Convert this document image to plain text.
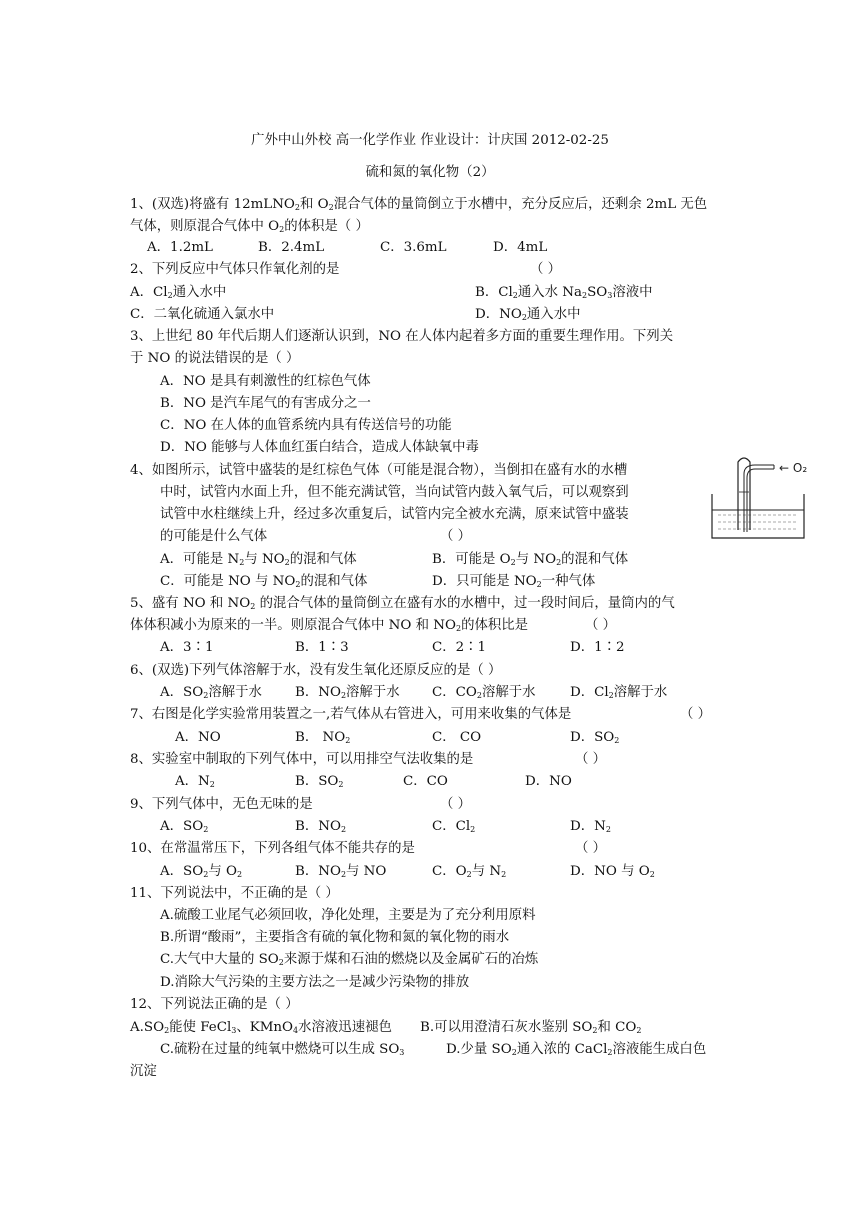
广外中山外校 高一化学作业 作业设计：计庆国 2012-02-25
硫和氮的氧化物（2）
1、(双选)将盛有 12mLNO$_2$和 $O_2$混合气体的量筒倒立于水槽中，充分反应后，还剩余 2mL 无色
气体，则原混合气体中 $O_2$的体积是（ ）
A．1.2mL	B．2.4mL	C．3.6mL	D．4mL
2、下列反应中气体只作氧化剂的是	（ ）
A．$Cl_2$通入水中	B．$Cl_2$通入水 $Na_2SO_3$溶液中
C．二氧化硫通入氯水中	D．$NO_2$通入水中
3、上世纪 80 年代后期人们逐渐认识到，NO 在人体内起着多方面的重要生理作用。下列关
于 NO 的说法错误的是（ ）
A．NO 是具有刺激性的红棕色气体
B．NO 是汽车尾气的有害成分之一
C．NO 在人体的血管系统内具有传送信号的功能
D．NO 能够与人体血红蛋白结合，造成人体缺氧中毒
4、如图所示，试管中盛装的是红棕色气体（可能是混合物），当倒扣在盛有水的水槽
中时，试管内水面上升，但不能充满试管，当向试管内鼓入氧气后，可以观察到
试管中水柱继续上升，经过多次重复后，试管内完全被水充满，原来试管中盛装
的可能是什么气体	（ ）
A．可能是 $N_2$与 $NO_2$的混和气体	B．可能是 $O_2$与 $NO_2$的混和气体
C．可能是 NO 与 $NO_2$的混和气体	D．只可能是 $NO_2$一种气体
5、盛有 NO 和 $NO_2$ 的混合气体的量筒倒立在盛有水的水槽中，过一段时间后，量筒内的气
体体积减小为原来的一半。则原混合气体中 NO 和 $NO_2$的体积比是	（ ）
A．3∶1	B．1∶3	C．2∶1	D．1∶2
6、(双选)下列气体溶解于水，没有发生氧化还原反应的是（ ）
A．$SO_2$溶解于水 B．$NO_2$溶解于水 C．$CO_2$溶解于水	D．$Cl_2$溶解于水
7、右图是化学实验常用装置之一,若气体从右管进入，可用来收集的气体是	（ ）
A．NO	B． $NO_2$	C． CO	D．$SO_2$
8、实验室中制取的下列气体中，可以用排空气法收集的是	（ ）
A．$N_2$	B．$SO_2$	C．CO	D．NO
9、下列气体中，无色无味的是	（ ）
A．$SO_2$	B．$NO_2$	C．$Cl_2$	D．$N_2$
10、在常温常压下，下列各组气体不能共存的是	（ ）
A．$SO_2$与 $O_2$	B．$NO_2$与 NO	C．$O_2$与 $N_2$	D．NO 与 $O_2$
11、下列说法中，不正确的是（ ）
A.硫酸工业尾气必须回收，净化处理，主要是为了充分利用原料
B.所谓“酸雨”，主要指含有硫的氧化物和氮的氧化物的雨水
C.大气中大量的 $SO_2$来源于煤和石油的燃烧以及金属矿石的冶炼
D.消除大气污染的主要方法之一是减少污染物的排放
12、下列说法正确的是（ ）
$A.SO_2$能使 FeCl$_3$、KMnO$_4$水溶液迅速褪色 B.可以用澄清石灰水鉴别 $SO_2$和 $CO_2$
C.硫粉在过量的纯氧中燃烧可以生成 $SO_3$	D.少量 $SO_2$通入浓的 CaCl$_2$溶液能生成白色
沉淀
← O₂
